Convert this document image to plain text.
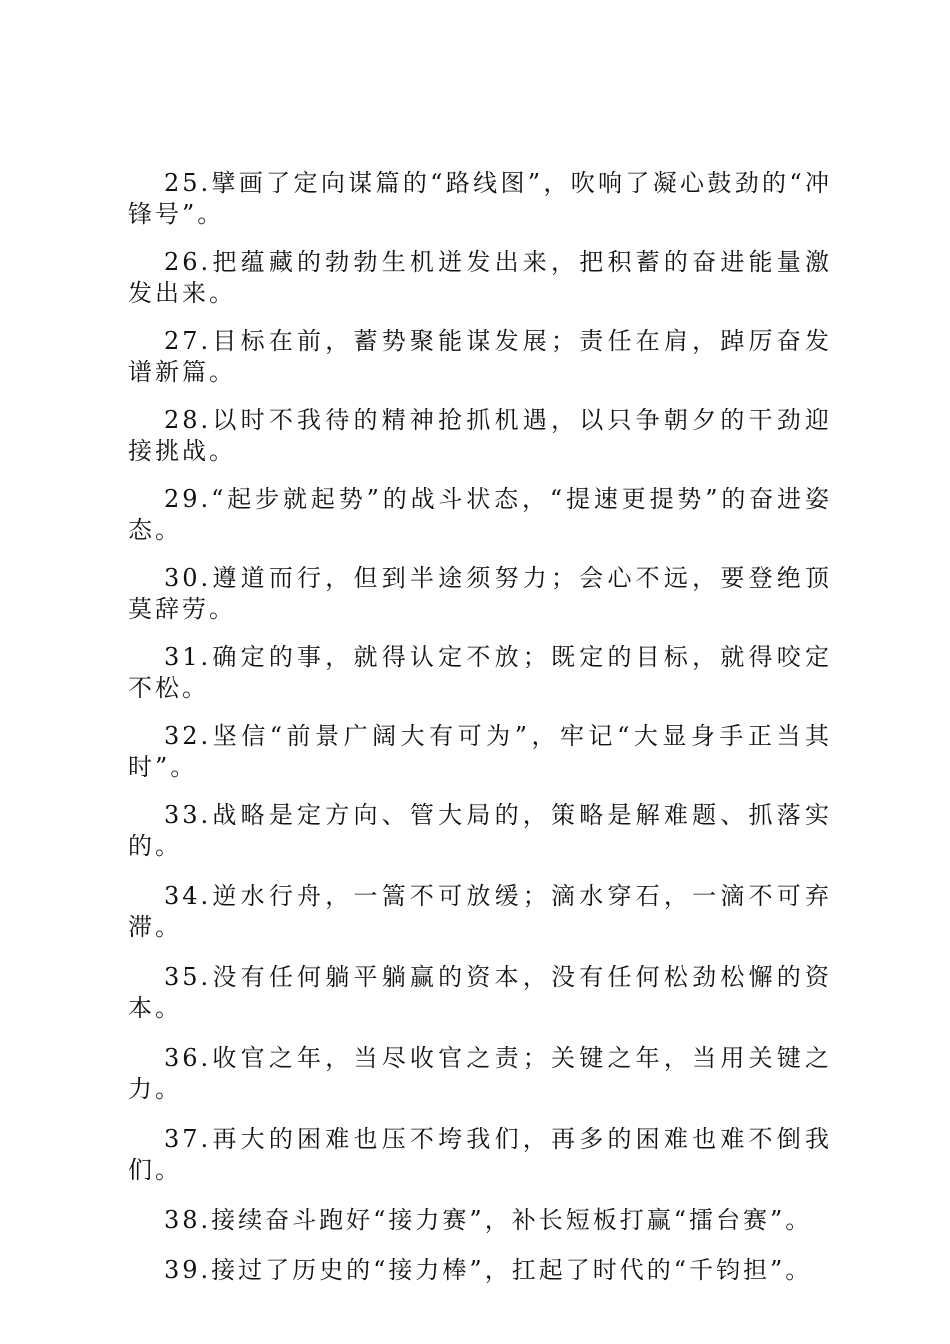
25.擘画了定向谋篇的“路线图”，吹响了凝心鼓劲的“冲锋号”。

26.把蕴藏的勃勃生机迸发出来，把积蓄的奋进能量激发出来。

27.目标在前，蓄势聚能谋发展；责任在肩，踔厉奋发谱新篇。

28.以时不我待的精神抢抓机遇，以只争朝夕的干劲迎接挑战。

29.“起步就起势”的战斗状态，“提速更提势”的奋进姿态。

30.遵道而行，但到半途须努力；会心不远，要登绝顶莫辞劳。

31.确定的事，就得认定不放；既定的目标，就得咬定不松。

32.坚信“前景广阔大有可为”，牢记“大显身手正当其时”。

33.战略是定方向、管大局的，策略是解难题、抓落实的。

34.逆水行舟，一篙不可放缓；滴水穿石，一滴不可弃滞。

35.没有任何躺平躺赢的资本，没有任何松劲松懈的资本。

36.收官之年，当尽收官之责；关键之年，当用关键之力。

37.再大的困难也压不垮我们，再多的困难也难不倒我们。

38.接续奋斗跑好“接力赛”，补长短板打赢“擂台赛”。

39.接过了历史的“接力棒”，扛起了时代的“千钧担”。
